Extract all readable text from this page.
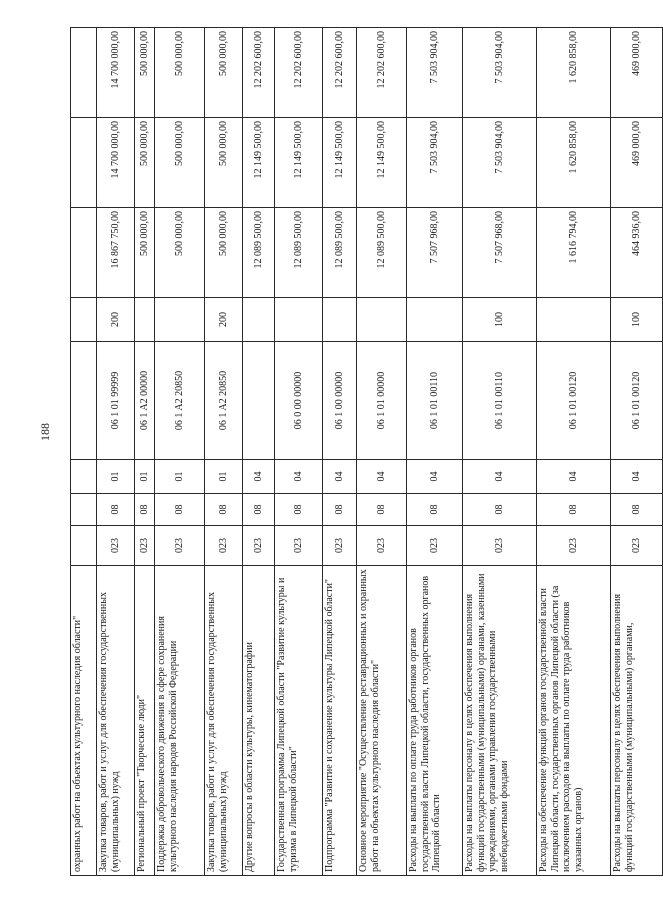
188
охранных работ на объектах культурного наследия области"								
Закупка товаров, работ и услуг для обеспечения государственных (муниципальных) нужд	023	08	01	06 1 01 99999	200	16 867 750,00	14 700 000,00	14 700 000,00
Региональный проект "Творческие люди"	023	08	01	06 1 A2 00000		500 000,00	500 000,00	500 000,00
Поддержка добровольческого движения в сфере сохранения культурного наследия народов Российской Федерации	023	08	01	06 1 A2 20850		500 000,00	500 000,00	500 000,00
Закупка товаров, работ и услуг для обеспечения государственных (муниципальных) нужд	023	08	01	06 1 A2 20850	200	500 000,00	500 000,00	500 000,00
Другие вопросы в области культуры, кинематографии	023	08	04			12 089 500,00	12 149 500,00	12 202 600,00
Государственная программа Липецкой области "Развитие культуры и туризма в Липецкой области"	023	08	04	06 0 00 00000		12 089 500,00	12 149 500,00	12 202 600,00
Подпрограмма "Развитие и сохранение культуры Липецкой области"	023	08	04	06 1 00 00000		12 089 500,00	12 149 500,00	12 202 600,00
Основное мероприятие "Осуществление реставрационных и охранных работ на объектах культурного наследия области"	023	08	04	06 1 01 00000		12 089 500,00	12 149 500,00	12 202 600,00
Расходы на выплаты по оплате труда работников органов государственной власти Липецкой области, государственных органов Липецкой области	023	08	04	06 1 01 00110		7 507 968,00	7 503 904,00	7 503 904,00
Расходы на выплаты персоналу в целях обеспечения выполнения функций государственными (муниципальными) органами, казенными учреждениями, органами управления государственными внебюджетными фондами	023	08	04	06 1 01 00110	100	7 507 968,00	7 503 904,00	7 503 904,00
Расходы на обеспечение функций органов государственной власти Липецкой области, государственных органов Липецкой области (за исключением расходов на выплаты по оплате труда работников указанных органов)	023	08	04	06 1 01 00120		1 616 794,00	1 620 858,00	1 620 858,00
Расходы на выплаты персоналу в целях обеспечения выполнения функций государственными (муниципальными) органами,	023	08	04	06 1 01 00120	100	464 936,00	469 000,00	469 000,00
